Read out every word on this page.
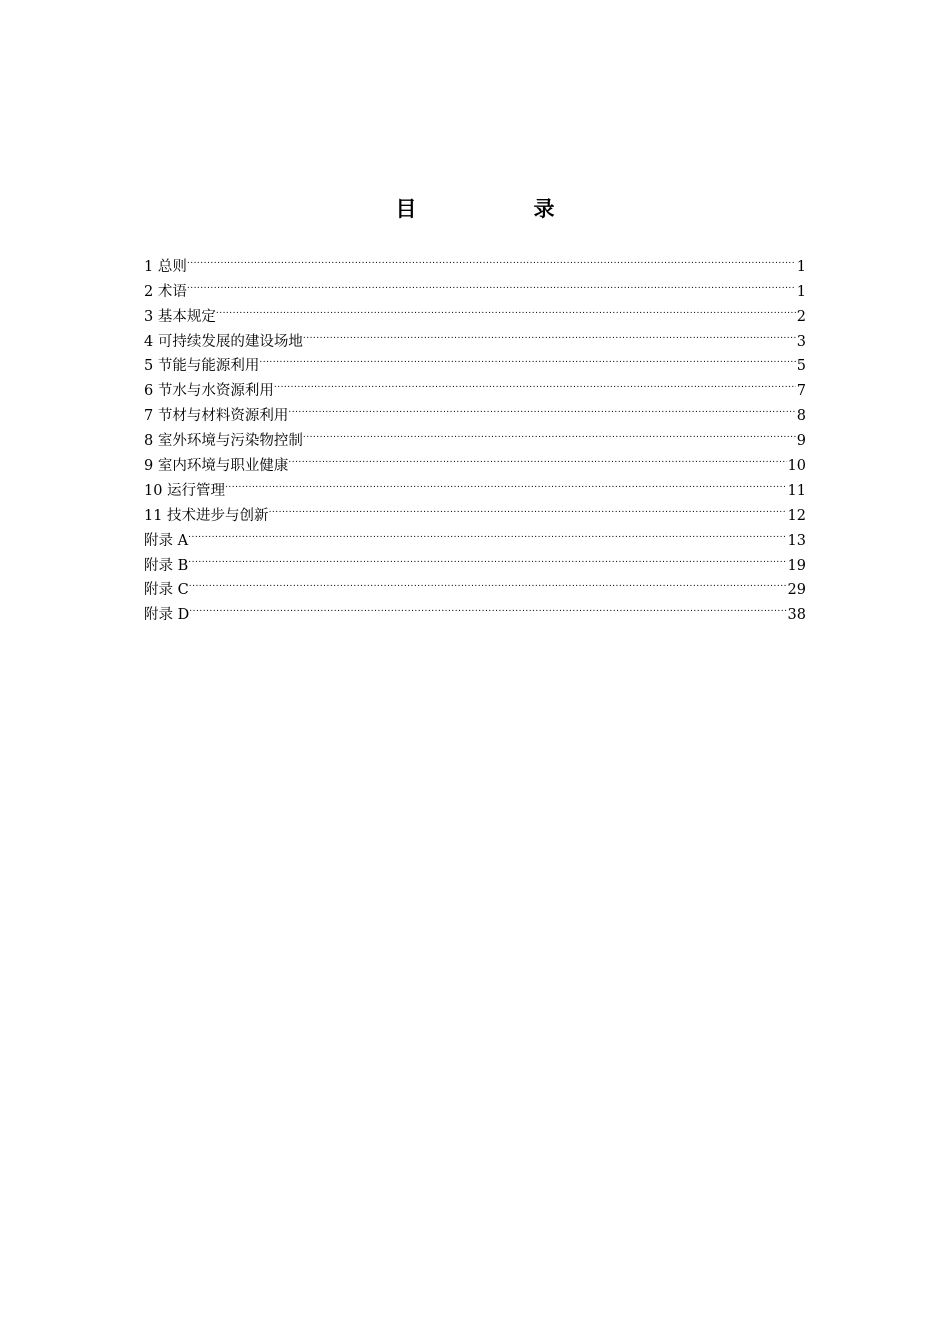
目　录
1 总则 .....	1
2 术语 .....	1
3 基本规定 .....	2
4 可持续发展的建设场地 .....	3
5 节能与能源利用 .....	5
6 节水与水资源利用 .....	7
7 节材与材料资源利用 .....	8
8 室外环境与污染物控制 .....	9
9 室内环境与职业健康 .....	10
10 运行管理 .....	11
11 技术进步与创新 .....	12
附录 A .....	13
附录 B .....	19
附录 C .....	29
附录 D .....	38
